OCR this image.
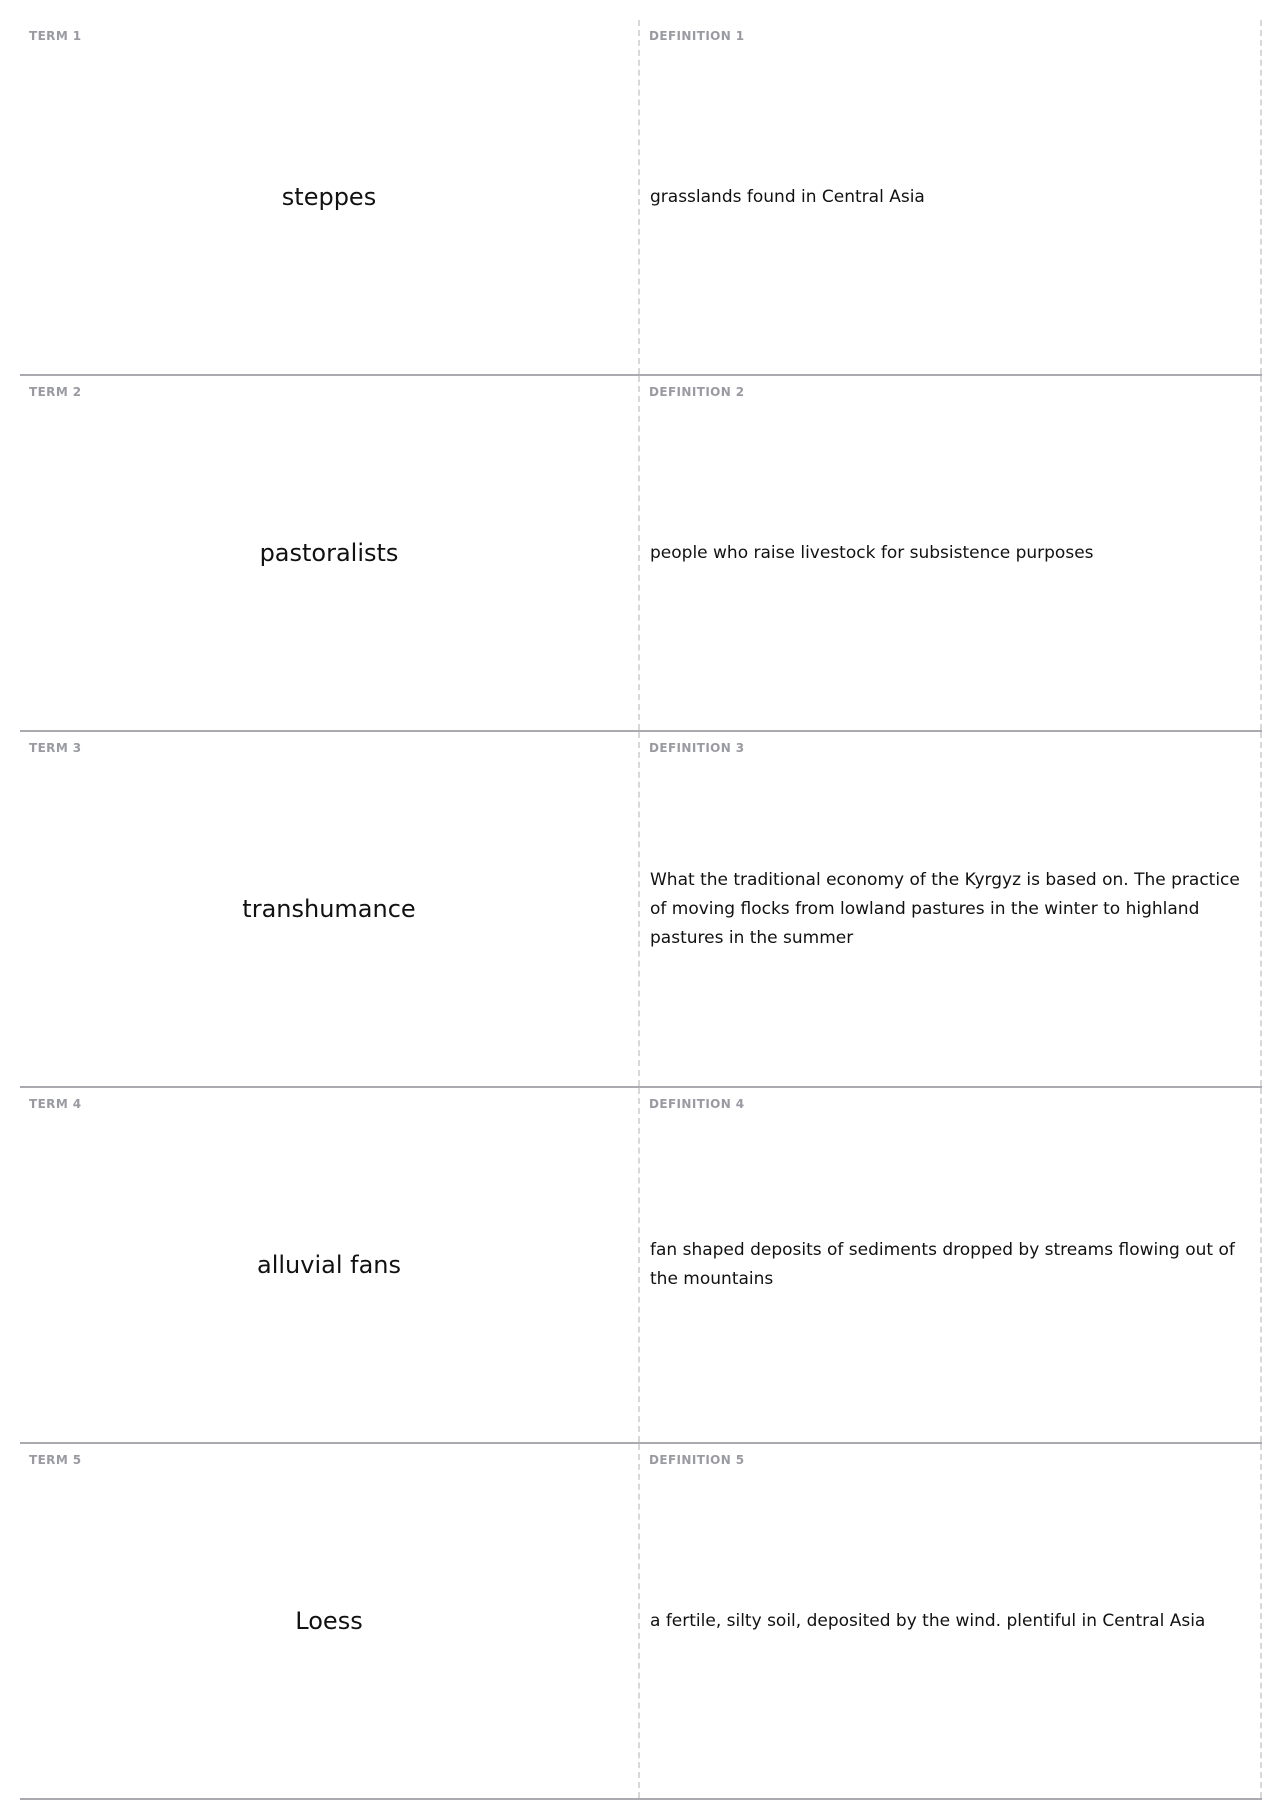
TERM 1
steppes
DEFINITION 1
grasslands found in Central Asia
TERM 2
pastoralists
DEFINITION 2
people who raise livestock for subsistence purposes
TERM 3
transhumance
DEFINITION 3
What the traditional economy of the Kyrgyz is based on. The practice of moving flocks from lowland pastures in the winter to highland pastures in the summer
TERM 4
alluvial fans
DEFINITION 4
fan shaped deposits of sediments dropped by streams flowing out of the mountains
TERM 5
Loess
DEFINITION 5
a fertile, silty soil, deposited by the wind. plentiful in Central Asia
